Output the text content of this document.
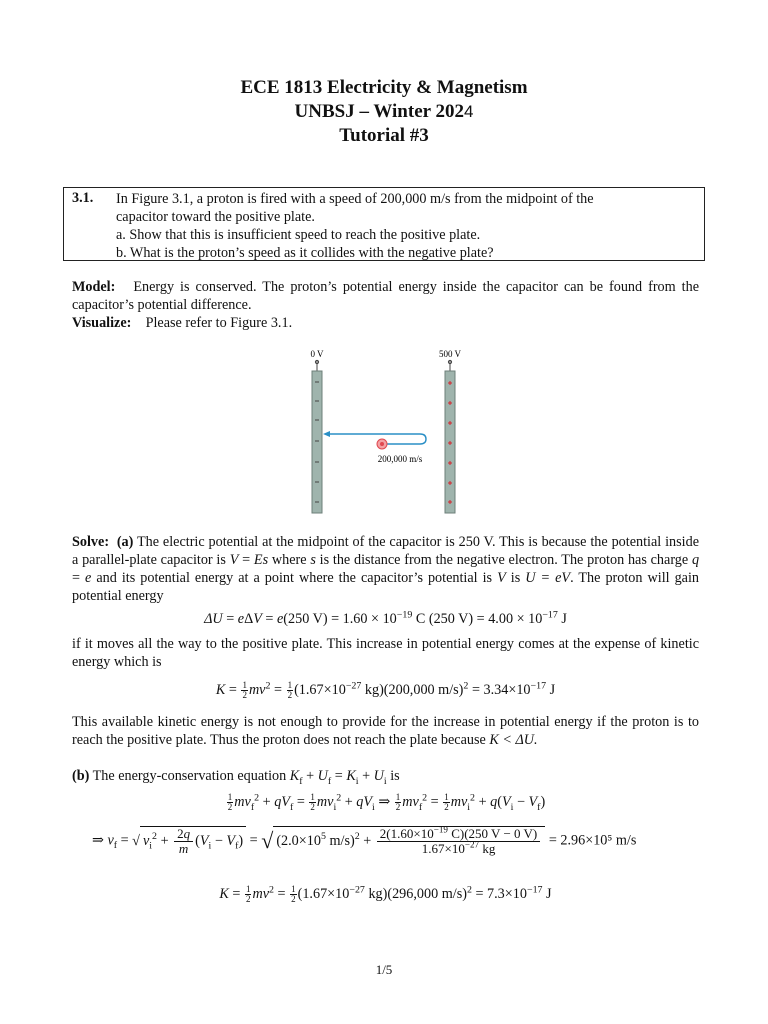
ECE 1813 Electricity & Magnetism
UNBSJ – Winter 2024
Tutorial #3
3.1. In Figure 3.1, a proton is fired with a speed of 200,000 m/s from the midpoint of the
capacitor toward the positive plate.
a. Show that this is insufficient speed to reach the positive plate.
b. What is the proton’s speed as it collides with the negative plate?
Model: Energy is conserved. The proton’s potential energy inside the capacitor can be found from the capacitor’s potential difference.
Visualize: Please refer to Figure 3.1.
0 V	500 V
200,000 m/s
Solve: (a) The electric potential at the midpoint of the capacitor is 250 V. This is because the potential inside a parallel-plate capacitor is V = Es where s is the distance from the negative electron. The proton has charge q = e and its potential energy at a point where the capacitor’s potential is V is U = eV. The proton will gain potential energy
ΔU = eΔV = e(250 $V) = 1.60 \times 10^{-19}$ C (250 $V) = 4.00 \times 10^{-17}$ J
if it moves all the way to the positive plate. This increase in potential energy comes at the expense of kinetic energy which is
$K = \frac{1}{2} mv^2 = \frac{1}{2} (1.67\times 10^{-27}$ kg)(200,000 $m/s)^2 = 3.34\times 10^{-17}$ J
This available kinetic energy is not enough to provide for the increase in potential energy if the proton is to reach the positive plate. Thus the proton does not reach the plate because K < ΔU.
(b) The energy-conservation equation $K_f + U_f = K_i + U_i$ is
$\frac{1}{2} mv_f^2 + qV_f = \frac{1}{2} mv_i^2 + qV_i$ ⇒ $\frac{1}{2} mv_f^2 = \frac{1}{2} mv_i^2 + q(V_i - V_f)$
⇒ $v_f$ = √ $v_i^2 + \frac{2q}{m} (V_i - V_f)$ = √ ($2.0\times 10^5$ $m/s)^2 + \frac{2(1.60\times 10^{-19} C)(250 V - 0 V)}{1.67\times 10^{-27} kg} = 2.96\times 10^5$ m/s
$K = \frac{1}{2} mv^2 = \frac{1}{2} (1.67\times 10^{-27}$ kg)(296,000 $m/s)^2 = 7.3\times 10^{-17}$ J
1/5
